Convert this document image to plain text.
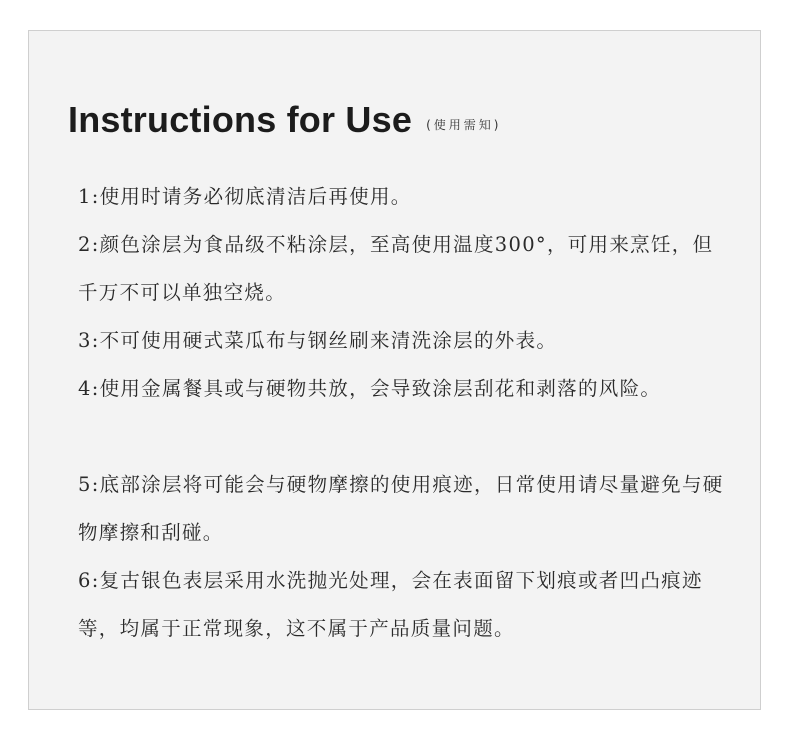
Instructions for Use (使用需知)
1:使用时请务必彻底清洁后再使用。
2:颜色涂层为食品级不粘涂层，至高使用温度300°，可用来烹饪，但千万不可以单独空烧。
3:不可使用硬式菜瓜布与钢丝刷来清洗涂层的外表。
4:使用金属餐具或与硬物共放，会导致涂层刮花和剥落的风险。
5:底部涂层将可能会与硬物摩擦的使用痕迹，日常使用请尽量避免与硬物摩擦和刮碰。
6:复古银色表层采用水洗抛光处理，会在表面留下划痕或者凹凸痕迹等，均属于正常现象，这不属于产品质量问题。
